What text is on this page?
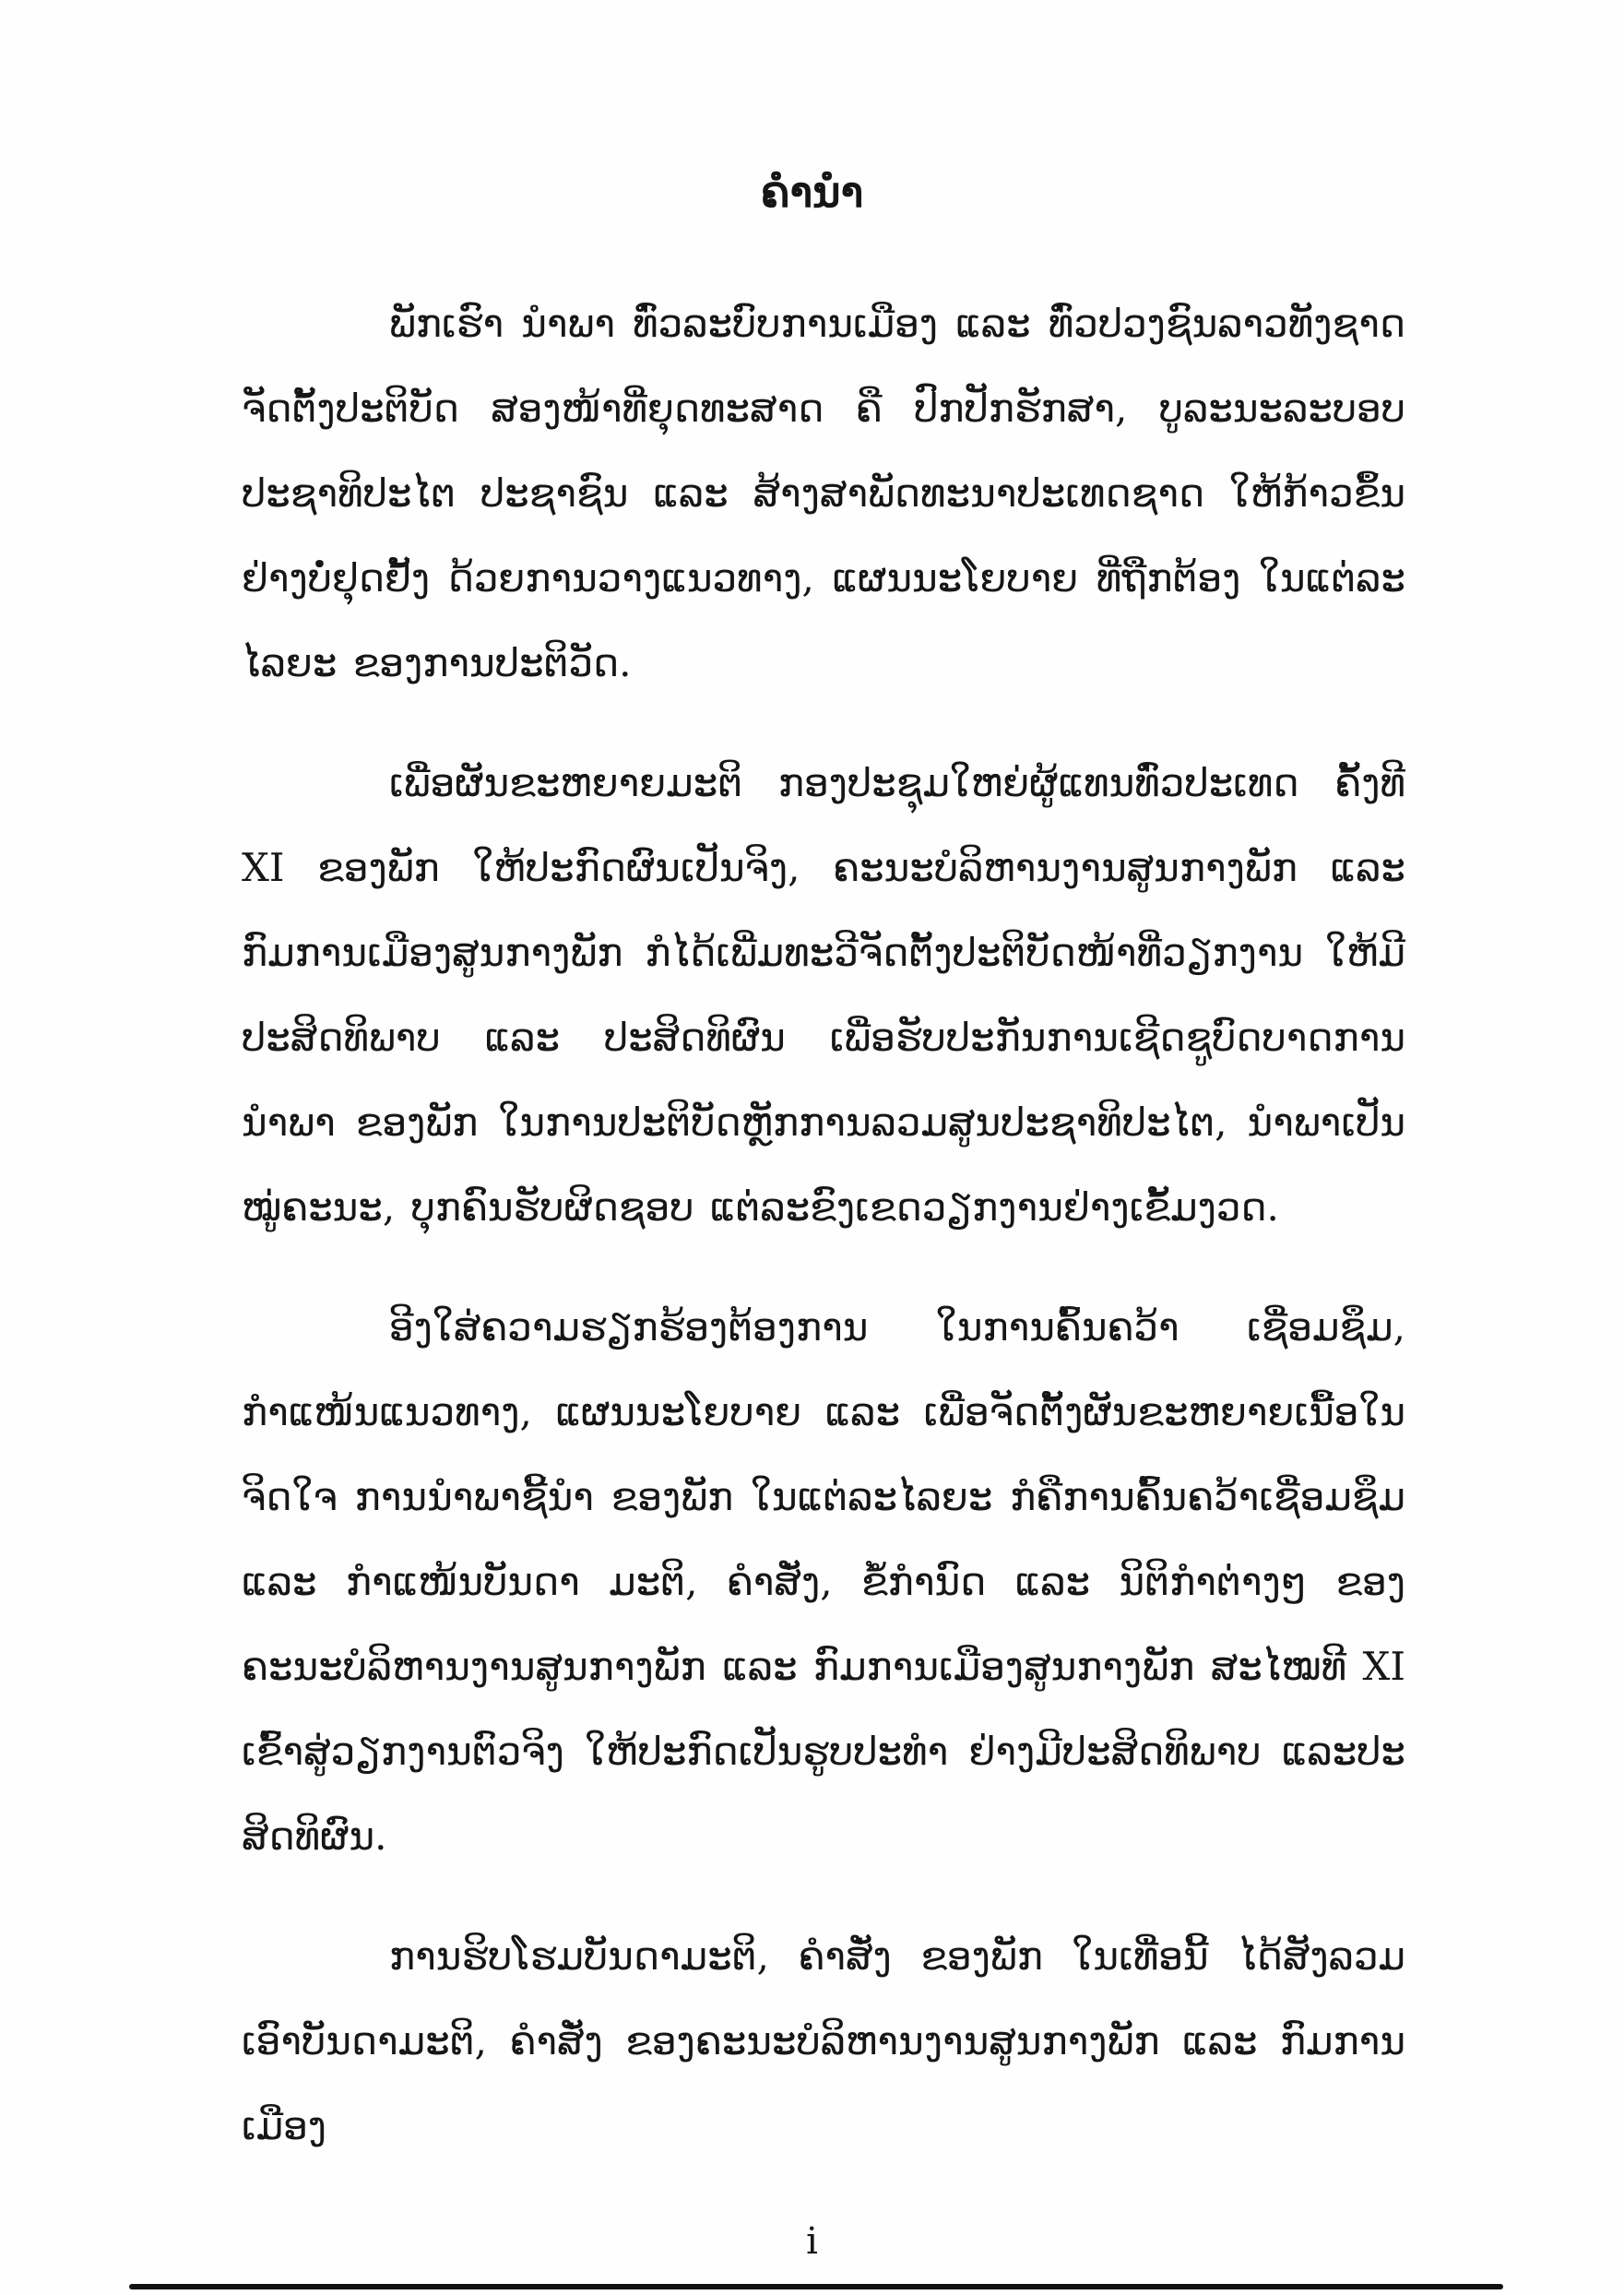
ຄຳນຳ

ພັກເຮົາ ນຳພາ ທົ່ວລະບົບການເມືອງ ແລະ ທົ່ວປວງຊົນລາວທັງຊາດ ຈັດຕັ້ງປະຕິບັດ ສອງໜ້າທີ່ຍຸດທະສາດ ຄື ປົກປັກຮັກສາ, ບູລະນະລະບອບປະຊາທິປະໄຕ ປະຊາຊົນ ແລະ ສ້າງສາພັດທະນາປະເທດຊາດ ໃຫ້ກ້າວຂຶ້ນຢ່າງບໍ່ຢຸດຢັ້ງ ດ້ວຍການວາງແນວທາງ, ແຜນນະໂຍບາຍ ທີ່ຖືກຕ້ອງ ໃນແຕ່ລະໄລຍະ ຂອງການປະຕິວັດ.

ເພື່ອຜັນຂະຫຍາຍມະຕິ ກອງປະຊຸມໃຫຍ່ຜູ້ແທນທົ່ວປະເທດ ຄັ້ງທີ XI ຂອງພັກ ໃຫ້ປະກົດຜົນເປັນຈິງ, ຄະນະບໍລິຫານງານສູນກາງພັກ ແລະ ກົມການເມືອງສູນກາງພັກ ກໍໄດ້ເພີ່ມທະວີຈັດຕັ້ງປະຕິບັດໜ້າທີ່ວຽກງານ ໃຫ້ມີປະສິດທິພາບ ແລະ ປະສິດທິຜົນ ເພື່ອຮັບປະກັນການເຊີດຊູບົດບາດການນຳພາ ຂອງພັກ ໃນການປະຕິບັດຫຼັກການລວມສູນປະຊາທິປະໄຕ, ນຳພາເປັນໝູ່ຄະນະ, ບຸກຄົນຮັບຜິດຊອບ ແຕ່ລະຂົງເຂດວຽກງານຢ່າງເຂັ້ມງວດ.

ອີງໃສ່ຄວາມຮຽກຮ້ອງຕ້ອງການ ໃນການຄົ້ນຄວ້າ ເຊື່ອມຊຶມ, ກຳແໜ້ນແນວທາງ, ແຜນນະໂຍບາຍ ແລະ ເພື່ອຈັດຕັ້ງຜັນຂະຫຍາຍເນື້ອໃນຈິດໃຈ ການນຳພາຊີ້ນຳ ຂອງພັກ ໃນແຕ່ລະໄລຍະ ກໍຄືການຄົ້ນຄວ້າເຊື່ອມຊຶມ ແລະ ກຳແໜ້ນບັນດາ ມະຕິ, ຄຳສັ່ງ, ຂໍ້ກຳນົດ ແລະ ນິຕິກຳຕ່າງໆ ຂອງຄະນະບໍລິຫານງານສູນກາງພັກ ແລະ ກົມການເມືອງສູນກາງພັກ ສະໄໝທີ XI ເຂົ້າສູ່ວຽກງານຕົວຈິງ ໃຫ້ປະກົດເປັນຮູບປະທຳ ຢ່າງມີປະສິດທິພາບ ແລະປະສິດທິຜົນ.

ການຮິບໂຮມບັນດາມະຕິ, ຄຳສັ່ງ ຂອງພັກ ໃນເທື່ອນີ້ ໄດ້ສັງລວມເອົາບັນດາມະຕິ, ຄຳສັ່ງ ຂອງຄະນະບໍລິຫານງານສູນກາງພັກ ແລະ ກົມການເມືອງ

i
